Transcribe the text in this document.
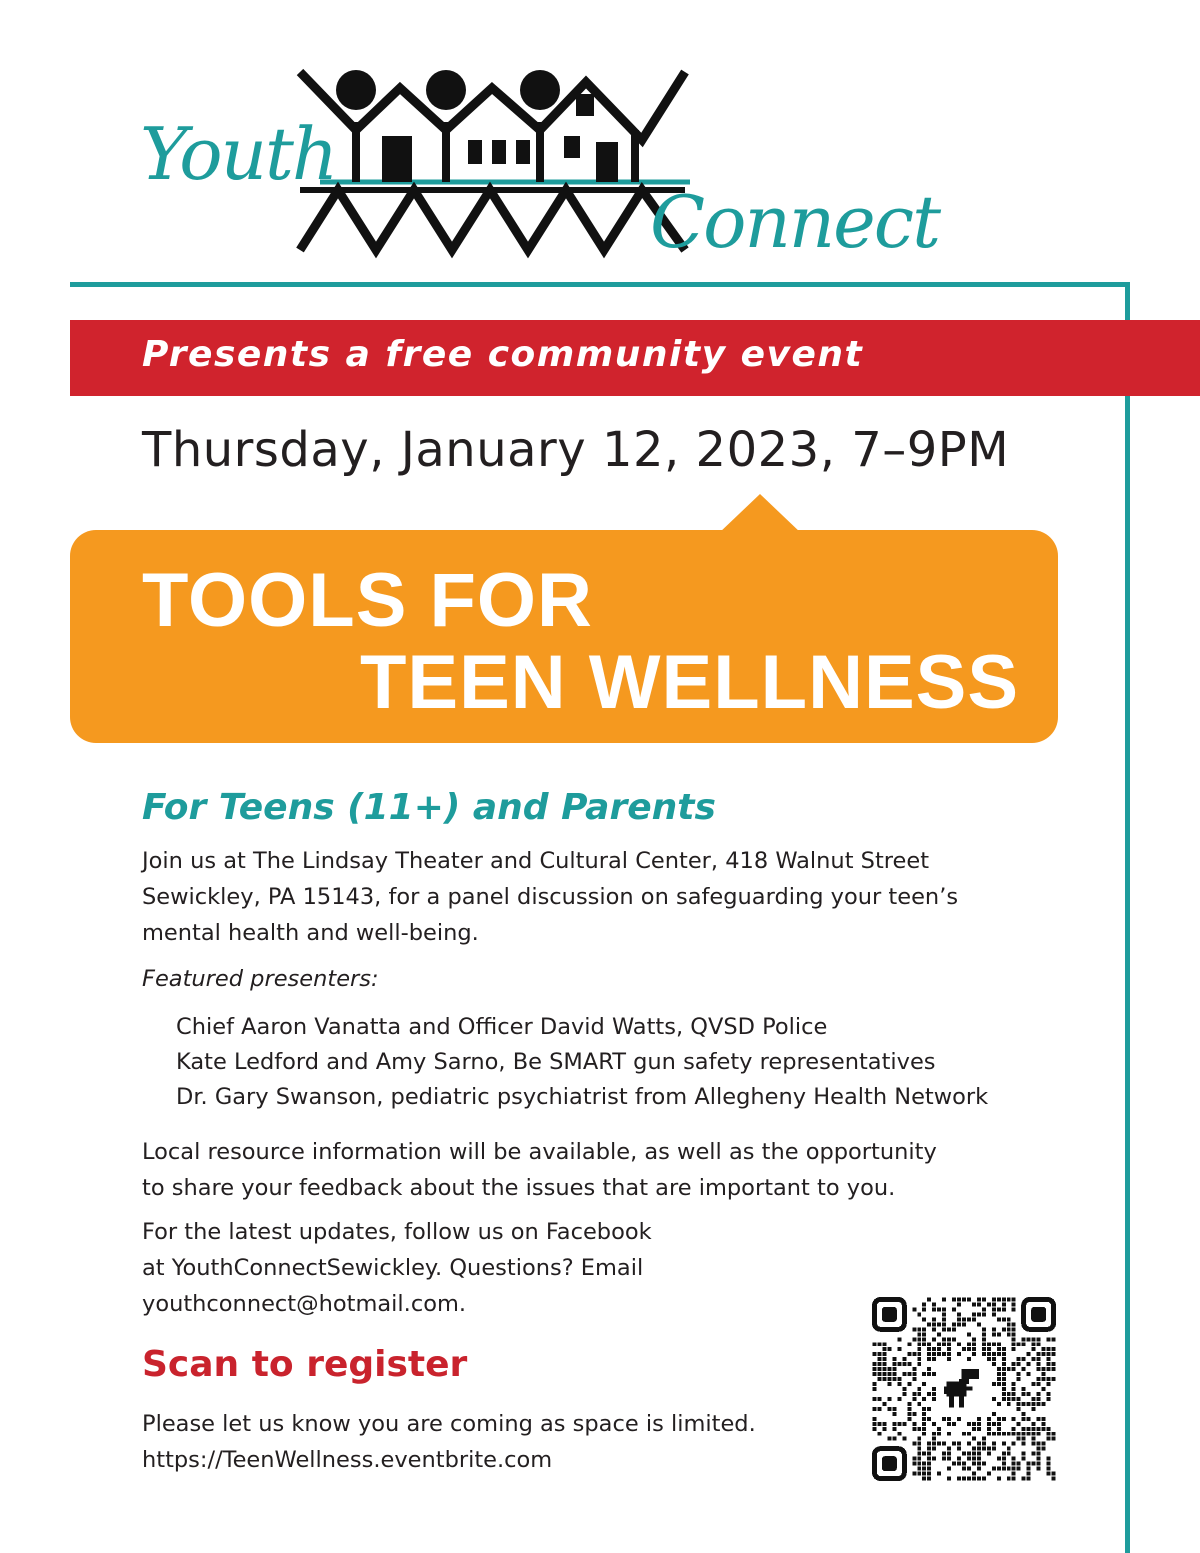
Youth
Connect
Presents a free community event
Thursday, January 12, 2023, 7–9PM
TOOLS FOR
TEEN WELLNESS
For Teens (11+) and Parents
Join us at The Lindsay Theater and Cultural Center, 418 Walnut Street
Sewickley, PA 15143, for a panel discussion on safeguarding your teen’s
mental health and well-being.
Featured presenters:
Chief Aaron Vanatta and Officer David Watts, QVSD Police
Kate Ledford and Amy Sarno, Be SMART gun safety representatives
Dr. Gary Swanson, pediatric psychiatrist from Allegheny Health Network
Local resource information will be available, as well as the opportunity
to share your feedback about the issues that are important to you.
For the latest updates, follow us on Facebook
at YouthConnectSewickley. Questions? Email
youthconnect@hotmail.com.
Scan to register
Please let us know you are coming as space is limited.
https://TeenWellness.eventbrite.com
